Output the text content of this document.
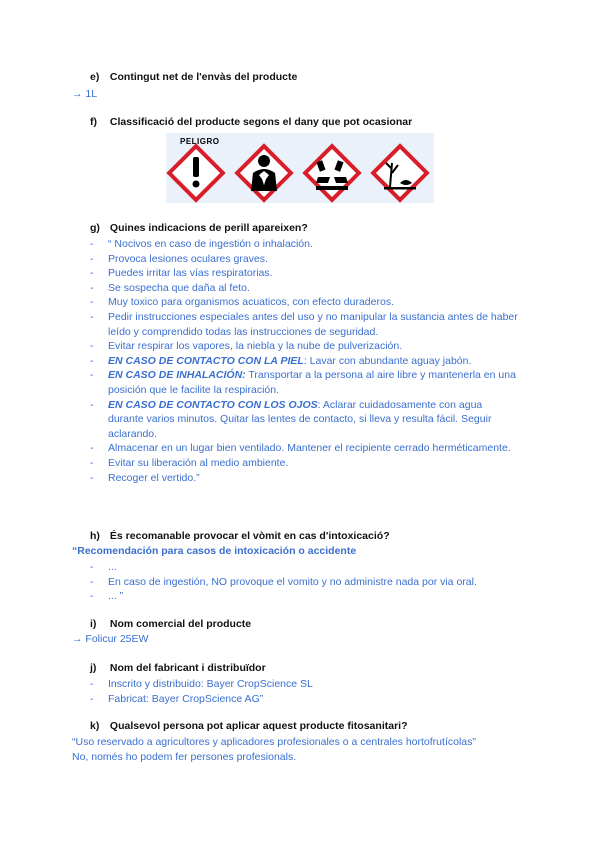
e) Contingut net de l'envàs del producte
→ 1L
f) Classificació del producte segons el dany que pot ocasionar
PELIGRO
g) Quines indicacions de perill apareixen?
- “ Nocivos en caso de ingestión o inhalación.
- Provoca lesiones oculares graves.
- Puedes irritar las vías respiratorias.
- Se sospecha que daña al feto.
- Muy toxico para organismos acuaticos, con efecto duraderos.
- Pedir instrucciones especiales antes del uso y no manipular la sustancia antes de haber leído y comprendido todas las instrucciones de seguridad.
- Evitar respirar los vapores, la niebla y la nube de pulverización.
- EN CASO DE CONTACTO CON LA PIEL: Lavar con abundante aguay jabón.
- EN CASO DE INHALACIÓN: Transportar a la persona al aire libre y mantenerla en una posición que le facilite la respiración.
- EN CASO DE CONTACTO CON LOS OJOS: Aclarar cuidadosamente con agua durante varios minutos. Quitar las lentes de contacto, si lleva y resulta fácil. Seguir aclarando.
- Almacenar en un lugar bien ventilado. Mantener el recipiente cerrado herméticamente.
- Evitar su liberación al medio ambiente.
- Recoger el vertido.”
h) És recomanable provocar el vòmit en cas d'intoxicació?
“Recomendación para casos de intoxicación o accidente
- ...
- En caso de ingestión, NO provoque el vomito y no administre nada por via oral.
- ... ”
i) Nom comercial del producte
→ Folicur 25EW
j) Nom del fabricant i distribuïdor
- Inscrito y distribuido: Bayer CropScience SL
- Fabricat: Bayer CropScience AG”
k) Qualsevol persona pot aplicar aquest producte fitosanitari?
“Uso reservado a agricultores y aplicadores profesionales o a centrales hortofrutícolas”
No, només ho podem fer persones profesionals.
